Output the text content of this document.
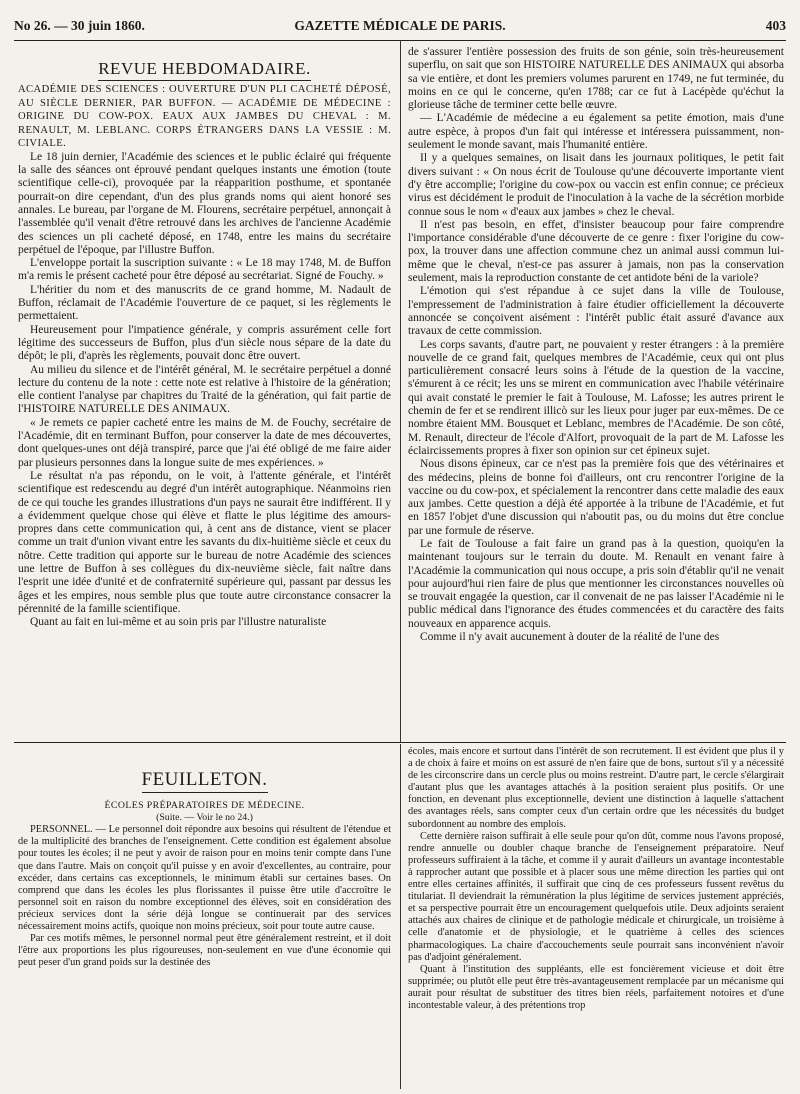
No 26. — 30 juin 1860.	GAZETTE MÉDICALE DE PARIS.	403
REVUE HEBDOMADAIRE.

ACADÉMIE DES SCIENCES : OUVERTURE D'UN PLI CACHETÉ DÉPOSÉ, AU SIÈCLE DERNIER, PAR BUFFON. — ACADÉMIE DE MÉDECINE : ORIGINE DU COW-POX. EAUX AUX JAMBES DU CHEVAL : M. RENAULT, M. LEBLANC. CORPS ÉTRANGERS DANS LA VESSIE : M. CIVIALE.

Le 18 juin dernier, l'Académie des sciences et le public éclairé qui fréquente la salle des séances ont éprouvé pendant quelques instants une émotion (toute scientifique celle-ci), provoquée par la réapparition posthume, et spontanée pourrait-on dire cependant, d'un des plus grands noms qui aient honoré ses annales. Le bureau, par l'organe de M. Flourens, secrétaire perpétuel, annonçait à l'assemblée qu'il venait d'être retrouvé dans les archives de l'ancienne Académie des sciences un pli cacheté déposé, en 1748, entre les mains du secrétaire perpétuel de l'époque, par l'illustre Buffon.

L'enveloppe portait la suscription suivante : « Le 18 may 1748, M. de Buffon m'a remis le présent cacheté pour être déposé au secrétariat. Signé de Fouchy. »

L'héritier du nom et des manuscrits de ce grand homme, M. Nadault de Buffon, réclamait de l'Académie l'ouverture de ce paquet, si les règlements le permettaient.

Heureusement pour l'impatience générale, y compris assurément celle fort légitime des successeurs de Buffon, plus d'un siècle nous sépare de la date du dépôt; le pli, d'après les règlements, pouvait donc être ouvert.

Au milieu du silence et de l'intérêt général, M. le secrétaire perpétuel a donné lecture du contenu de la note : cette note est relative à l'histoire de la génération; elle contient l'analyse par chapitres du Traité de la génération, qui fait partie de l'HISTOIRE NATURELLE DES ANIMAUX.

« Je remets ce papier cacheté entre les mains de M. de Fouchy, secrétaire de l'Académie, dit en terminant Buffon, pour conserver la date de mes découvertes, dont quelques-unes ont déjà transpiré, parce que j'ai été obligé de me faire aider par plusieurs personnes dans la longue suite de mes expériences. »

Le résultat n'a pas répondu, on le voit, à l'attente générale, et l'intérêt scientifique est redescendu au degré d'un intérêt autographique. Néanmoins rien de ce qui touche les grandes illustrations d'un pays ne saurait être indifférent. Il y a évidemment quelque chose qui élève et flatte le plus légitime des amours-propres dans cette communication qui, à cent ans de distance, vient se placer comme un trait d'union vivant entre les savants du dix-huitième siècle et ceux du nôtre. Cette tradition qui apporte sur le bureau de notre Académie des sciences une lettre de Buffon à ses collègues du dix-neuvième siècle, fait naître dans l'esprit une idée d'unité et de confraternité supérieure qui, passant par dessus les âges et les empires, nous semble plus que toute autre circonstance consacrer la pérennité de la famille scientifique.

Quant au fait en lui-même et au soin pris par l'illustre naturaliste

de s'assurer l'entière possession des fruits de son génie, soin très-heureusement superflu, on sait que son HISTOIRE NATURELLE DES ANIMAUX qui absorba sa vie entière, et dont les premiers volumes parurent en 1749, ne fut terminée, du moins en ce qui le concerne, qu'en 1788; car ce fut à Lacépède qu'échut la glorieuse tâche de terminer cette belle œuvre.

— L'Académie de médecine a eu également sa petite émotion, mais d'une autre espèce, à propos d'un fait qui intéresse et intéressera puissamment, non-seulement le monde savant, mais l'humanité entière.

Il y a quelques semaines, on lisait dans les journaux politiques, le petit fait divers suivant : « On nous écrit de Toulouse qu'une découverte importante vient d'y être accomplie; l'origine du cow-pox ou vaccin est enfin connue; ce précieux virus est décidément le produit de l'inoculation à la vache de la sécrétion morbide connue sous le nom « d'eaux aux jambes » chez le cheval.

Il n'est pas besoin, en effet, d'insister beaucoup pour faire comprendre l'importance considérable d'une découverte de ce genre : fixer l'origine du cow-pox, la trouver dans une affection commune chez un animal aussi commun lui-même que le cheval, n'est-ce pas assurer à jamais, non pas la conservation seulement, mais la reproduction constante de cet antidote béni de la variole?

L'émotion qui s'est répandue à ce sujet dans la ville de Toulouse, l'empressement de l'administration à faire étudier officiellement la découverte annoncée se conçoivent aisément : l'intérêt public était assuré d'avance aux travaux de cette commission.

Les corps savants, d'autre part, ne pouvaient y rester étrangers : à la première nouvelle de ce grand fait, quelques membres de l'Académie, ceux qui ont plus particulièrement consacré leurs soins à l'étude de la question de la vaccine, s'émurent à ce récit; les uns se mirent en communication avec l'habile vétérinaire qui avait constaté le premier le fait à Toulouse, M. Lafosse; les autres prirent le chemin de fer et se rendirent illicò sur les lieux pour juger par eux-mêmes. De ce nombre étaient MM. Bousquet et Leblanc, membres de l'Académie. De son côté, M. Renault, directeur de l'école d'Alfort, provoquait de la part de M. Lafosse les éclaircissements propres à fixer son opinion sur cet épineux sujet.

Nous disons épineux, car ce n'est pas la première fois que des vétérinaires et des médecins, pleins de bonne foi d'ailleurs, ont cru rencontrer l'origine de la vaccine ou du cow-pox, et spécialement la rencontrer dans cette maladie des eaux aux jambes. Cette question a déjà été apportée à la tribune de l'Académie, et fut en 1857 l'objet d'une discussion qui n'aboutit pas, ou du moins dut être conclue par une formule de réserve.

Le fait de Toulouse a fait faire un grand pas à la question, quoiqu'en la maintenant toujours sur le terrain du doute. M. Renault en venant faire à l'Académie la communication qui nous occupe, a pris soin d'établir qu'il ne venait pour aujourd'hui rien faire de plus que mentionner les circonstances nouvelles où se trouvait engagée la question, car il convenait de ne pas laisser l'Académie ni le public médical dans l'ignorance des études commencées et du caractère des faits nouveaux en apparence acquis.

Comme il n'y avait aucunement à douter de la réalité de l'une des

FEUILLETON.

ÉCOLES PRÉPARATOIRES DE MÉDECINE.

(Suite. — Voir le no 24.)

PERSONNEL. — Le personnel doit répondre aux besoins qui résultent de l'étendue et de la multiplicité des branches de l'enseignement. Cette condition est également absolue pour toutes les écoles; il ne peut y avoir de raison pour en moins tenir compte dans l'une que dans l'autre. Mais on conçoit qu'il puisse y en avoir d'excellentes, au contraire, pour excéder, dans certains cas exceptionnels, le minimum établi sur certaines bases. On comprend que dans les écoles les plus florissantes il puisse être utile d'accroître le personnel soit en raison du nombre exceptionnel des élèves, soit en considération des précieux services dont la série déjà longue se continuerait par des services nécessairement moins actifs, quoique non moins précieux, soit pour toute autre cause.

Par ces motifs mêmes, le personnel normal peut être généralement restreint, et il doit l'être aux proportions les plus rigoureuses, non-seulement en vue d'une économie qui peut peser d'un grand poids sur la destinée des

écoles, mais encore et surtout dans l'intérêt de son recrutement. Il est évident que plus il y a de choix à faire et moins on est assuré de n'en faire que de bons, surtout s'il y a nécessité de les circonscrire dans un cercle plus ou moins restreint. D'autre part, le cercle s'élargirait d'autant plus que les avantages attachés à la position seraient plus positifs. Or une fonction, en devenant plus exceptionnelle, devient une distinction à laquelle s'attachent des avantages réels, sans compter ceux d'un certain ordre que les nécessités du budget subordonnent au nombre des emplois.

Cette dernière raison suffirait à elle seule pour qu'on dût, comme nous l'avons proposé, rendre annuelle ou doubler chaque branche de l'enseignement préparatoire. Neuf professeurs suffiraient à la tâche, et comme il y aurait d'ailleurs un avantage incontestable à rapprocher autant que possible et à placer sous une même direction les parties qui ont entre elles certaines affinités, il suffirait que cinq de ces professeurs fussent revêtus du titulariat. Il deviendrait la rémunération la plus légitime de services justement appréciés, et sa perspective pourrait être un encouragement quelquefois utile. Deux adjoints seraient attachés aux chaires de clinique et de pathologie médicale et chirurgicale, un troisième à celle d'anatomie et de physiologie, et le quatrième à celles des sciences pharmacologiques. La chaire d'accouchements seule pourrait sans inconvénient n'avoir pas d'adjoint généralement.

Quant à l'institution des suppléants, elle est foncièrement vicieuse et doit être supprimée; ou plutôt elle peut être très-avantageusement remplacée par un mécanisme qui aurait pour résultat de substituer des titres bien réels, parfaitement notoires et d'une incontestable valeur, à des prétentions trop
